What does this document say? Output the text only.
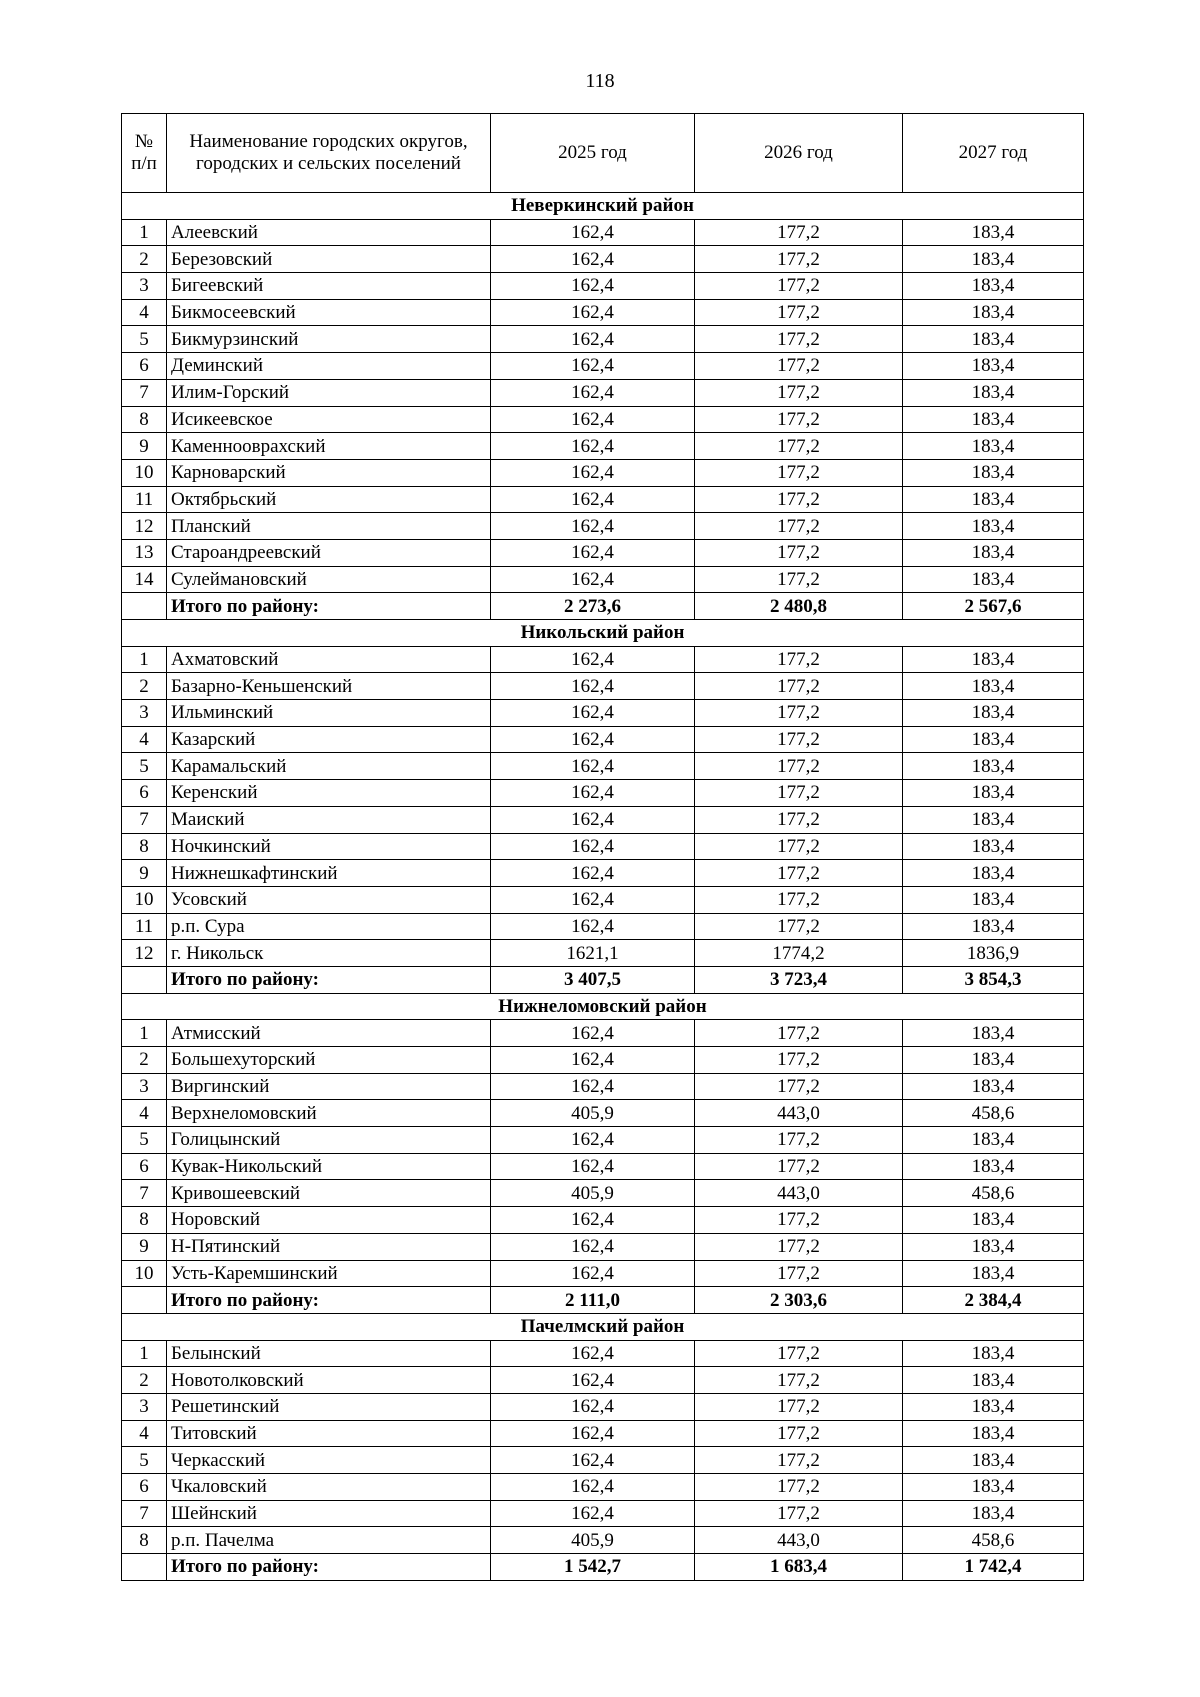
118
№ п/п	Наименование городских округов, городских и сельских поселений	2025 год	2026 год	2027 год
Неверкинский район				
1	Алеевский	162,4	177,2	183,4
2	Березовский	162,4	177,2	183,4
3	Бигеевский	162,4	177,2	183,4
4	Бикмосеевский	162,4	177,2	183,4
5	Бикмурзинский	162,4	177,2	183,4
6	Деминский	162,4	177,2	183,4
7	Илим-Горский	162,4	177,2	183,4
8	Исикеевское	162,4	177,2	183,4
9	Каменнооврахский	162,4	177,2	183,4
10	Карноварский	162,4	177,2	183,4
11	Октябрьский	162,4	177,2	183,4
12	Планский	162,4	177,2	183,4
13	Староандреевский	162,4	177,2	183,4
14	Сулеймановский	162,4	177,2	183,4
	Итого по району:	2 273,6	2 480,8	2 567,6
Никольский район				
1	Ахматовский	162,4	177,2	183,4
2	Базарно-Кеньшенский	162,4	177,2	183,4
3	Ильминский	162,4	177,2	183,4
4	Казарский	162,4	177,2	183,4
5	Карамальский	162,4	177,2	183,4
6	Керенский	162,4	177,2	183,4
7	Маиский	162,4	177,2	183,4
8	Ночкинский	162,4	177,2	183,4
9	Нижнешкафтинский	162,4	177,2	183,4
10	Усовский	162,4	177,2	183,4
11	р.п. Сура	162,4	177,2	183,4
12	г. Никольск	1621,1	1774,2	1836,9
	Итого по району:	3 407,5	3 723,4	3 854,3
Нижнеломовский район				
1	Атмисский	162,4	177,2	183,4
2	Большехуторский	162,4	177,2	183,4
3	Виргинский	162,4	177,2	183,4
4	Верхнеломовский	405,9	443,0	458,6
5	Голицынский	162,4	177,2	183,4
6	Кувак-Никольский	162,4	177,2	183,4
7	Кривошеевский	405,9	443,0	458,6
8	Норовский	162,4	177,2	183,4
9	Н-Пятинский	162,4	177,2	183,4
10	Усть-Каремшинский	162,4	177,2	183,4
	Итого по району:	2 111,0	2 303,6	2 384,4
Пачелмский район				
1	Белынский	162,4	177,2	183,4
2	Новотолковский	162,4	177,2	183,4
3	Решетинский	162,4	177,2	183,4
4	Титовский	162,4	177,2	183,4
5	Черкасский	162,4	177,2	183,4
6	Чкаловский	162,4	177,2	183,4
7	Шейнский	162,4	177,2	183,4
8	р.п. Пачелма	405,9	443,0	458,6
	Итого по району:	1 542,7	1 683,4	1 742,4
